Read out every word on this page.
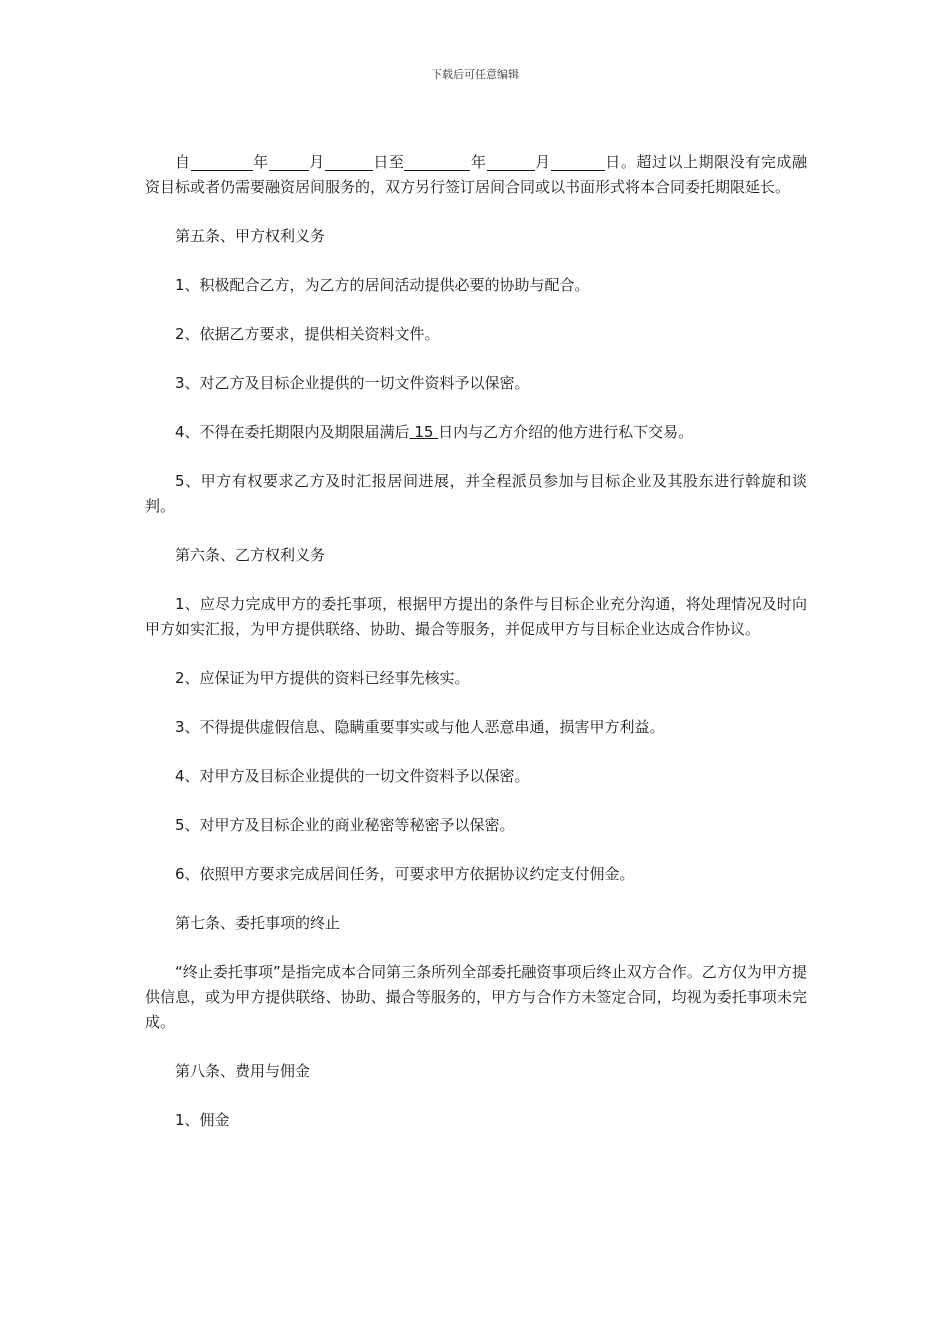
下载后可任意编辑

自	年	月	日至	年	月	日。超过以上期限没有完成融资目标或者仍需要融资居间服务的，双方另行签订居间合同或以书面形式将本合同委托期限延长。

第五条、甲方权利义务

1、积极配合乙方，为乙方的居间活动提供必要的协助与配合。

2、依据乙方要求，提供相关资料文件。

3、对乙方及目标企业提供的一切文件资料予以保密。

4、不得在委托期限内及期限届满后 15 日内与乙方介绍的他方进行私下交易。

5、甲方有权要求乙方及时汇报居间进展，并全程派员参加与目标企业及其股东进行斡旋和谈判。

第六条、乙方权利义务

1、应尽力完成甲方的委托事项，根据甲方提出的条件与目标企业充分沟通，将处理情况及时向甲方如实汇报，为甲方提供联络、协助、撮合等服务，并促成甲方与目标企业达成合作协议。

2、应保证为甲方提供的资料已经事先核实。

3、不得提供虚假信息、隐瞒重要事实或与他人恶意串通，损害甲方利益。

4、对甲方及目标企业提供的一切文件资料予以保密。

5、对甲方及目标企业的商业秘密等秘密予以保密。

6、依照甲方要求完成居间任务，可要求甲方依据协议约定支付佣金。

第七条、委托事项的终止

“终止委托事项”是指完成本合同第三条所列全部委托融资事项后终止双方合作。乙方仅为甲方提供信息，或为甲方提供联络、协助、撮合等服务的，甲方与合作方未签定合同，均视为委托事项未完成。

第八条、费用与佣金

1、佣金
